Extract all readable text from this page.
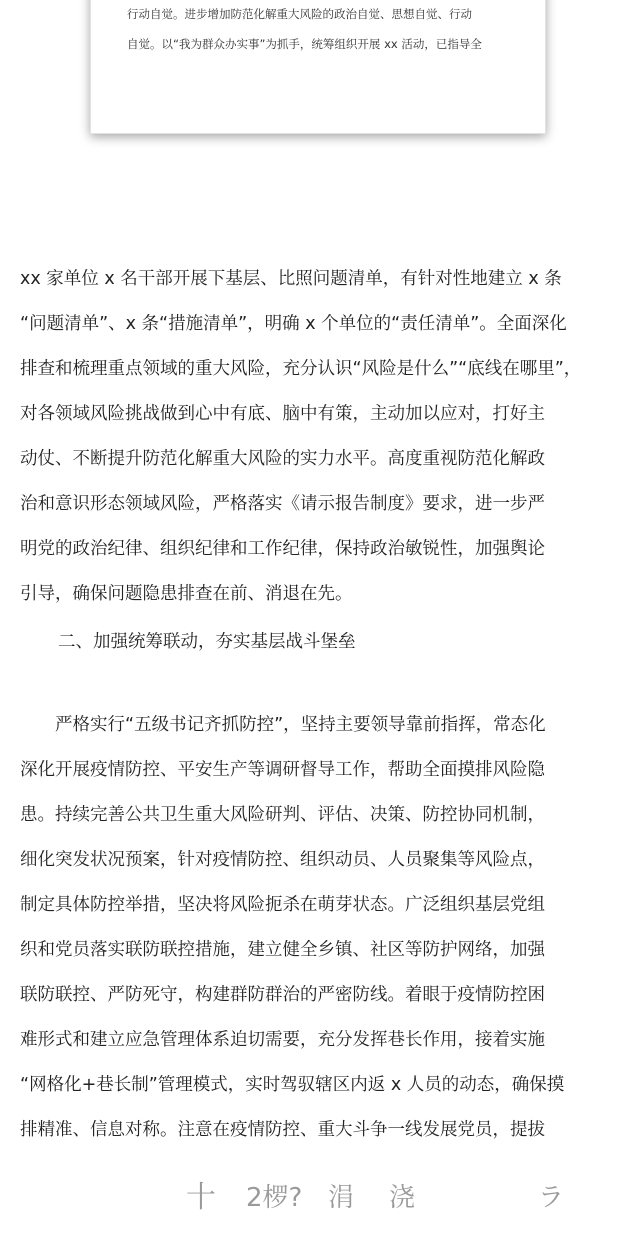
行动自觉。进步增加防范化解重大风险的政治自觉、思想自觉、行动
自觉。以“我为群众办实事”为抓手，统筹组织开展 xx 活动，已指导全
xx 家单位 x 名干部开展下基层、比照问题清单，有针对性地建立 x 条
“问题清单”、x 条“措施清单”，明确 x 个单位的“责任清单”。全面深化
排查和梳理重点领域的重大风险，充分认识“风险是什么”“底线在哪里”，
对各领域风险挑战做到心中有底、脑中有策，主动加以应对，打好主
动仗、不断提升防范化解重大风险的实力水平。高度重视防范化解政
治和意识形态领域风险，严格落实《请示报告制度》要求，进一步严
明党的政治纪律、组织纪律和工作纪律，保持政治敏锐性，加强舆论
引导，确保问题隐患排查在前、消退在先。
二、加强统筹联动，夯实基层战斗堡垒
　　严格实行“五级书记齐抓防控”，坚持主要领导靠前指挥，常态化
深化开展疫情防控、平安生产等调研督导工作，帮助全面摸排风险隐
患。持续完善公共卫生重大风险研判、评估、决策、防控协同机制，
细化突发状况预案，针对疫情防控、组织动员、人员聚集等风险点，
制定具体防控举措，坚决将风险扼杀在萌芽状态。广泛组织基层党组
织和党员落实联防联控措施，建立健全乡镇、社区等防护网络，加强
联防联控、严防死守，构建群防群治的严密防线。着眼于疫情防控困
难形式和建立应急管理体系迫切需要，充分发挥巷长作用，接着实施
“网格化+巷长制”管理模式，实时驾驭辖区内返 x 人员的动态，确保摸
排精准、信息对称。注意在疫情防控、重大斗争一线发展党员，提拔
十 2椤? 涓 浇	ラ
